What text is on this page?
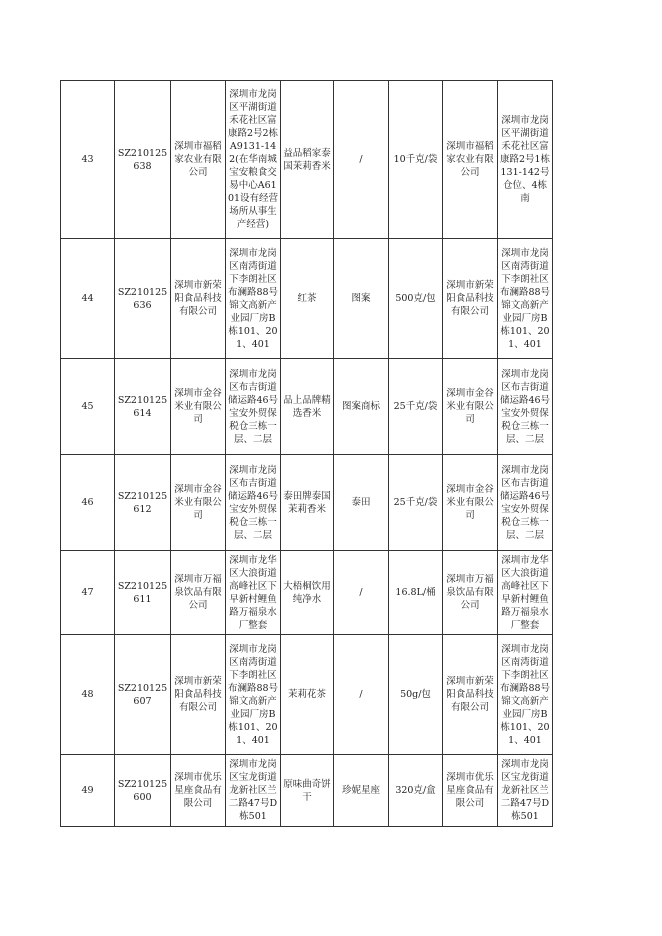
43	SZ210125638	深圳市福稻家农业有限公司	深圳市龙岗区平湖街道禾花社区富康路2号2栋A9131-142(在华南城宝安粮食交易中心A6101设有经营场所从事生产经营)	益品稻家泰国茉莉香米	/	10千克/袋	深圳市福稻家农业有限公司	深圳市龙岗区平湖街道禾花社区富康路2号1栋131-142号仓位、4栋南
44	SZ210125636	深圳市新荣阳食品科技有限公司	深圳市龙岗区南湾街道下李朗社区布澜路88号锦文高新产业园厂房B栋101、201、401	红茶	图案	500克/包	深圳市新荣阳食品科技有限公司	深圳市龙岗区南湾街道下李朗社区布澜路88号锦文高新产业园厂房B栋101、201、401
45	SZ210125614	深圳市金谷米业有限公司	深圳市龙岗区布吉街道储运路46号宝安外贸保税仓三栋一层、二层	品上品牌精选香米	图案商标	25千克/袋	深圳市金谷米业有限公司	深圳市龙岗区布吉街道储运路46号宝安外贸保税仓三栋一层、二层
46	SZ210125612	深圳市金谷米业有限公司	深圳市龙岗区布吉街道储运路46号宝安外贸保税仓三栋一层、二层	泰田牌泰国茉莉香米	泰田	25千克/袋	深圳市金谷米业有限公司	深圳市龙岗区布吉街道储运路46号宝安外贸保税仓三栋一层、二层
47	SZ210125611	深圳市万福泉饮品有限公司	深圳市龙华区大浪街道高峰社区下早新村鲤鱼路万福泉水厂整套	大梧桐饮用纯净水	/	16.8L/桶	深圳市万福泉饮品有限公司	深圳市龙华区大浪街道高峰社区下早新村鲤鱼路万福泉水厂整套
48	SZ210125607	深圳市新荣阳食品科技有限公司	深圳市龙岗区南湾街道下李朗社区布澜路88号锦文高新产业园厂房B栋101、201、401	茉莉花茶	/	50g/包	深圳市新荣阳食品科技有限公司	深圳市龙岗区南湾街道下李朗社区布澜路88号锦文高新产业园厂房B栋101、201、401
49	SZ210125600	深圳市优乐星座食品有限公司	深圳市龙岗区宝龙街道龙新社区兰二路47号D栋501	原味曲奇饼干	珍妮星座	320克/盒	深圳市优乐星座食品有限公司	深圳市龙岗区宝龙街道龙新社区兰二路47号D栋501
